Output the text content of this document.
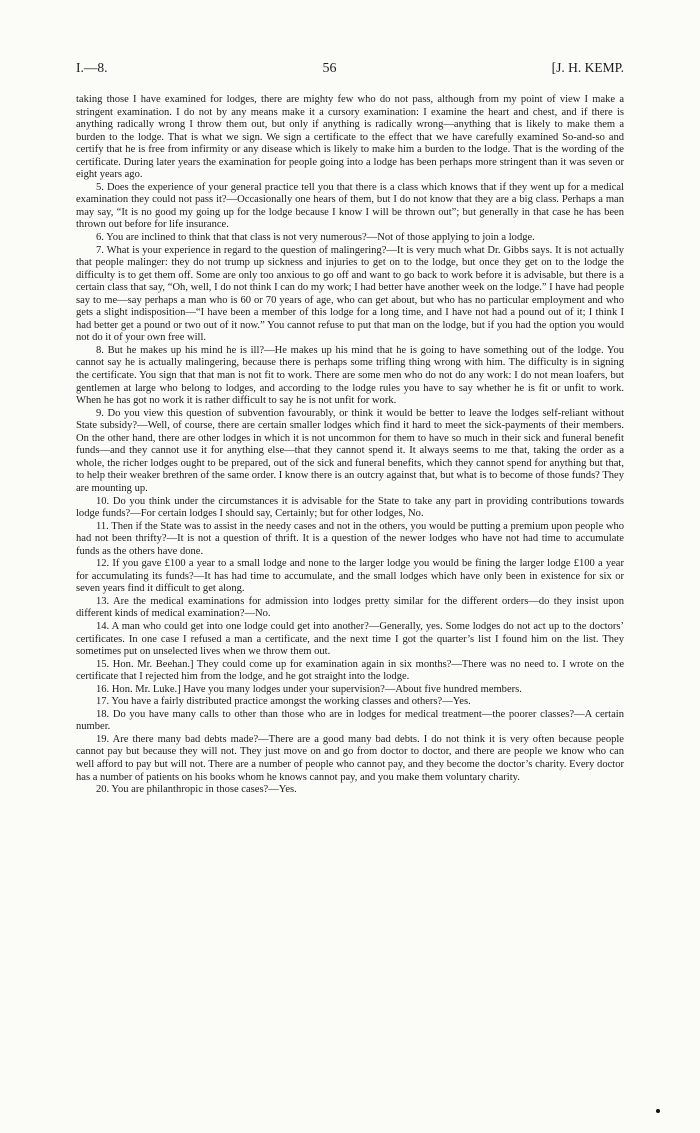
I.—8.	56	[J. H. KEMP.

taking those I have examined for lodges, there are mighty few who do not pass, although from my point of view I make a stringent examination. I do not by any means make it a cursory examination: I examine the heart and chest, and if there is anything radically wrong I throw them out, but only if anything is radically wrong—anything that is likely to make them a burden to the lodge. That is what we sign. We sign a certificate to the effect that we have carefully examined So-and-so and certify that he is free from infirmity or any disease which is likely to make him a burden to the lodge. That is the wording of the certificate. During later years the examination for people going into a lodge has been perhaps more stringent than it was seven or eight years ago.

5. Does the experience of your general practice tell you that there is a class which knows that if they went up for a medical examination they could not pass it?—Occasionally one hears of them, but I do not know that they are a big class. Perhaps a man may say, “It is no good my going up for the lodge because I know I will be thrown out”; but generally in that case he has been thrown out before for life insurance.

6. You are inclined to think that that class is not very numerous?—Not of those applying to join a lodge.

7. What is your experience in regard to the question of malingering?—It is very much what Dr. Gibbs says. It is not actually that people malinger: they do not trump up sickness and injuries to get on to the lodge, but once they get on to the lodge the difficulty is to get them off. Some are only too anxious to go off and want to go back to work before it is advisable, but there is a certain class that say, “Oh, well, I do not think I can do my work; I had better have another week on the lodge.” I have had people say to me—say perhaps a man who is 60 or 70 years of age, who can get about, but who has no particular employment and who gets a slight indisposition—“I have been a member of this lodge for a long time, and I have not had a pound out of it; I think I had better get a pound or two out of it now.” You cannot refuse to put that man on the lodge, but if you had the option you would not do it of your own free will.

8. But he makes up his mind he is ill?—He makes up his mind that he is going to have something out of the lodge. You cannot say he is actually malingering, because there is perhaps some trifling thing wrong with him. The difficulty is in signing the certificate. You sign that that man is not fit to work. There are some men who do not do any work: I do not mean loafers, but gentlemen at large who belong to lodges, and according to the lodge rules you have to say whether he is fit or unfit to work. When he has got no work it is rather difficult to say he is not unfit for work.

9. Do you view this question of subvention favourably, or think it would be better to leave the lodges self-reliant without State subsidy?—Well, of course, there are certain smaller lodges which find it hard to meet the sick-payments of their members. On the other hand, there are other lodges in which it is not uncommon for them to have so much in their sick and funeral benefit funds—and they cannot use it for anything else—that they cannot spend it. It always seems to me that, taking the order as a whole, the richer lodges ought to be prepared, out of the sick and funeral benefits, which they cannot spend for anything but that, to help their weaker brethren of the same order. I know there is an outcry against that, but what is to become of those funds? They are mounting up.

10. Do you think under the circumstances it is advisable for the State to take any part in providing contributions towards lodge funds?—For certain lodges I should say, Certainly; but for other lodges, No.

11. Then if the State was to assist in the needy cases and not in the others, you would be putting a premium upon people who had not been thrifty?—It is not a question of thrift. It is a question of the newer lodges who have not had time to accumulate funds as the others have done.

12. If you gave £100 a year to a small lodge and none to the larger lodge you would be fining the larger lodge £100 a year for accumulating its funds?—It has had time to accumulate, and the small lodges which have only been in existence for six or seven years find it difficult to get along.

13. Are the medical examinations for admission into lodges pretty similar for the different orders—do they insist upon different kinds of medical examination?—No.

14. A man who could get into one lodge could get into another?—Generally, yes. Some lodges do not act up to the doctors’ certificates. In one case I refused a man a certificate, and the next time I got the quarter’s list I found him on the list. They sometimes put on unselected lives when we throw them out.

15. Hon. Mr. Beehan.] They could come up for examination again in six months?—There was no need to. I wrote on the certificate that I rejected him from the lodge, and he got straight into the lodge.

16. Hon. Mr. Luke.] Have you many lodges under your supervision?—About five hundred members.

17. You have a fairly distributed practice amongst the working classes and others?—Yes.

18. Do you have many calls to other than those who are in lodges for medical treatment—the poorer classes?—A certain number.

19. Are there many bad debts made?—There are a good many bad debts. I do not think it is very often because people cannot pay but because they will not. They just move on and go from doctor to doctor, and there are people we know who can well afford to pay but will not. There are a number of people who cannot pay, and they become the doctor’s charity. Every doctor has a number of patients on his books whom he knows cannot pay, and you make them voluntary charity.

20. You are philanthropic in those cases?—Yes.
